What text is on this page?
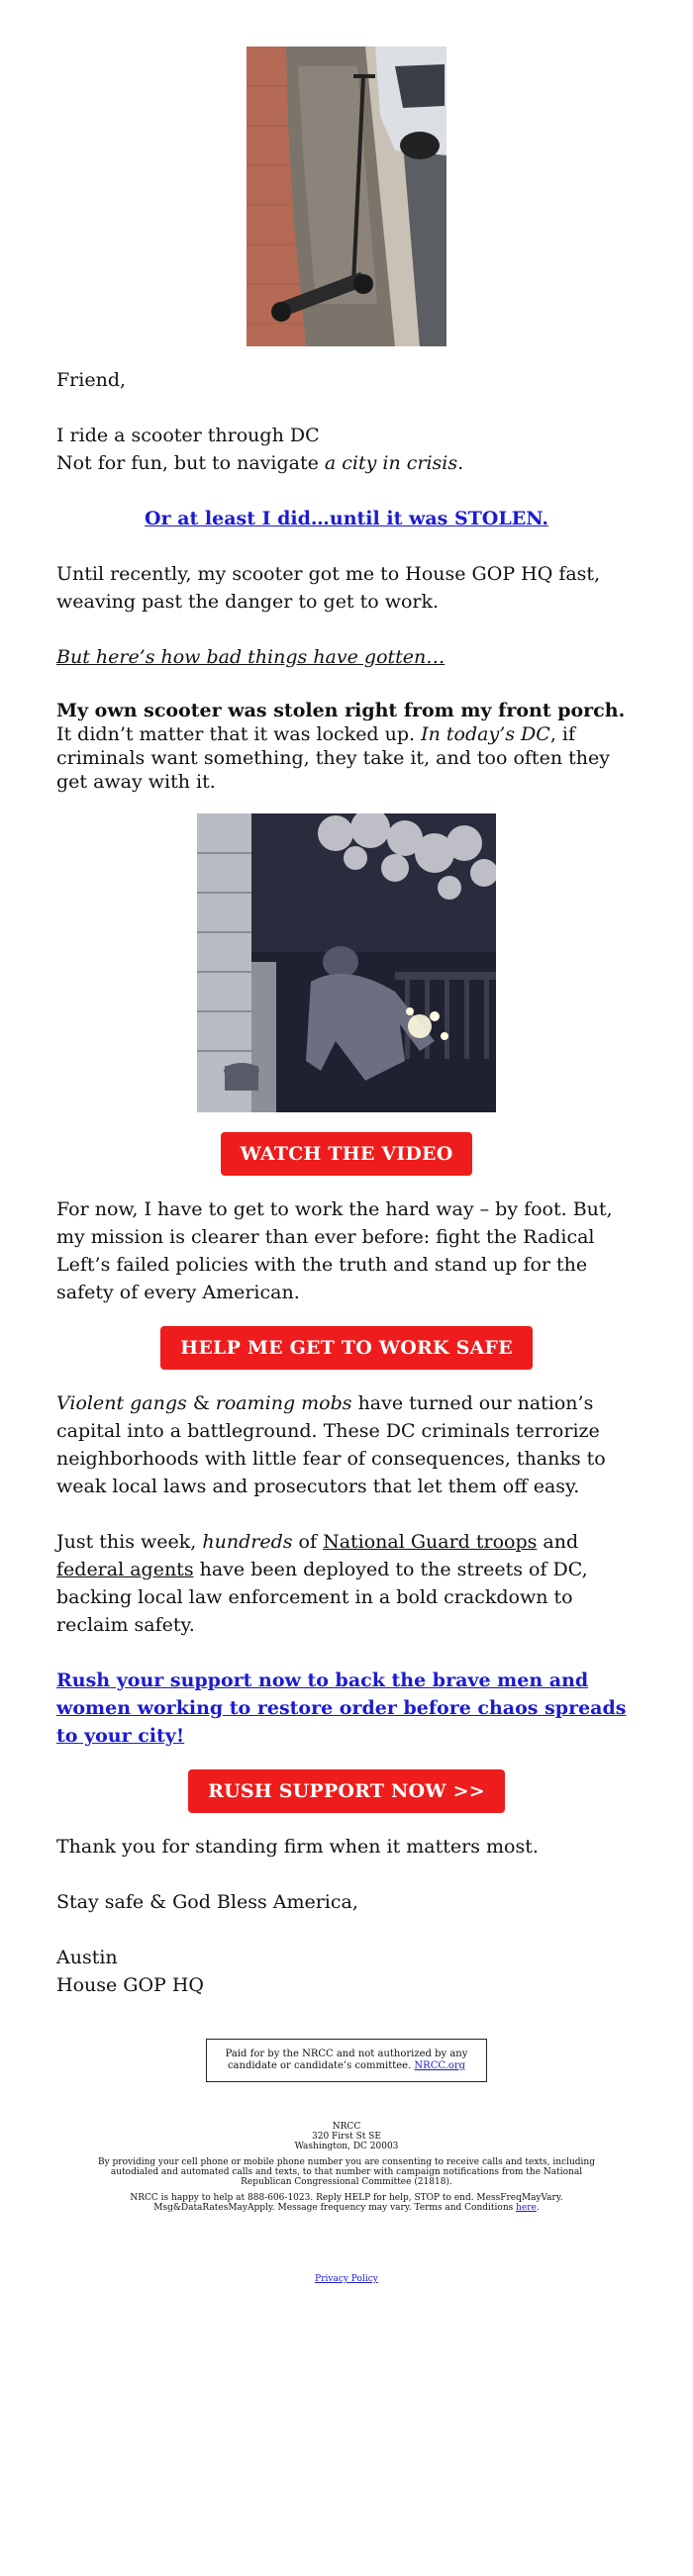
Friend,

I ride a scooter through DC

Not for fun, but to navigate a city in crisis.

Or at least I did…until it was STOLEN.

Until recently, my scooter got me to House GOP HQ fast, weaving past the danger to get to work.

But here’s how bad things have gotten…

My own scooter was stolen right from my front porch. It didn’t matter that it was locked up. In today’s DC, if criminals want something, they take it, and too often they get away with it.

WATCH THE VIDEO

For now, I have to get to work the hard way – by foot. But, my mission is clearer than ever before: fight the Radical Left’s failed policies with the truth and stand up for the safety of every American.

HELP ME GET TO WORK SAFE

Violent gangs & roaming mobs have turned our nation’s capital into a battleground. These DC criminals terrorize neighborhoods with little fear of consequences, thanks to weak local laws and prosecutors that let them off easy.

Just this week, hundreds of National Guard troops and federal agents have been deployed to the streets of DC, backing local law enforcement in a bold crackdown to reclaim safety.

Rush your support now to back the brave men and women working to restore order before chaos spreads to your city!

RUSH SUPPORT NOW >>

Thank you for standing firm when it matters most.

Stay safe & God Bless America,

Austin

House GOP HQ

Paid for by the NRCC and not authorized by any candidate or candidate’s committee. NRCC.org

NRCC

320 First St SE

Washington, DC 20003

By providing your cell phone or mobile phone number you are consenting to receive calls and texts, including autodialed and automated calls and texts, to that number with campaign notifications from the National Republican Congressional Committee (21818).

NRCC is happy to help at 888-606-1023. Reply HELP for help, STOP to end. MessFreqMayVary. Msg&DataRatesMayApply. Message frequency may vary. Terms and Conditions here.

Privacy Policy
